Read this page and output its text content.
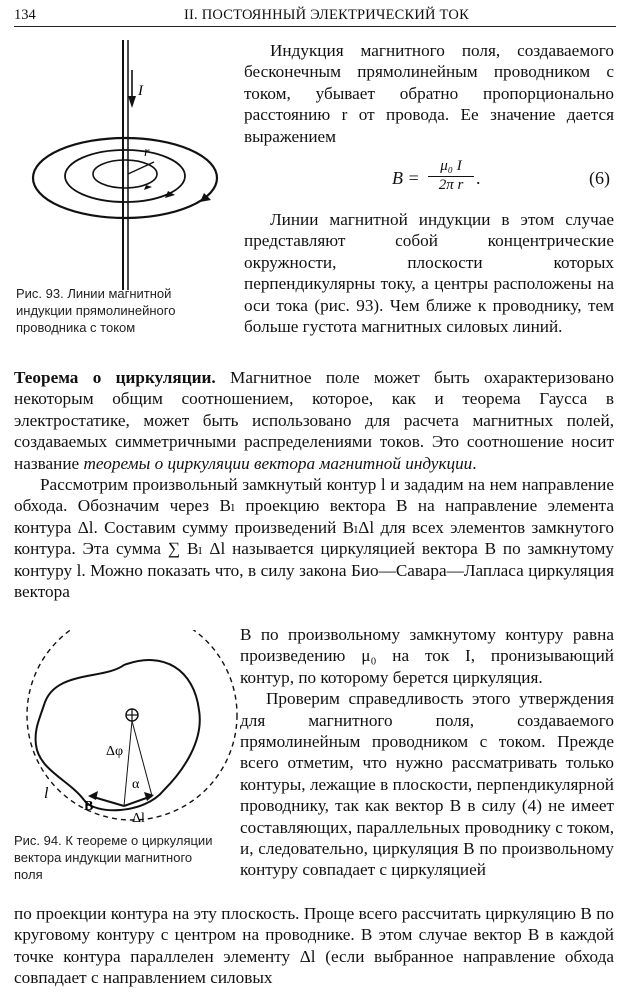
134	II. ПОСТОЯННЫЙ ЭЛЕКТРИЧЕСКИЙ ТОК
I
r
Рис. 93. Линии магнитной индукции прямолинейного проводника с током

Индукция магнитного поля, создаваемого бесконечным прямолинейным проводником с током, убывает обратно пропорционально расстоянию r от провода. Ее значение дается выражением

$B = \frac{\text{μ₀ I}}{\text{2π r}}$ .	(6)

Линии магнитной индукции в этом случае представляют собой концентрические окружности, плоскости которых перпендикулярны току, а центры расположены на оси тока (рис. 93). Чем ближе к проводнику, тем больше густота магнитных силовых линий.

Теорема о циркуляции. Магнитное поле может быть охарактеризовано некоторым общим соотношением, которое, как и теорема Гаусса в электростатике, может быть использовано для расчета магнитных полей, создаваемых симметричными распределениями токов. Это соотношение носит название теоремы о циркуляции вектора магнитной индукции.

Рассмотрим произвольный замкнутый контур l и зададим на нем направление обхода. Обозначим через Bₗ проекцию вектора B на направление элемента контура Δl. Составим сумму произведений BₗΔl для всех элементов замкнутого контура. Эта сумма ∑ Bₗ Δl называется циркуляцией вектора B по замкнутому контуру l. Можно показать что, в силу закона Био—Савара—Лапласа циркуляция вектора

Δφ
α
Δl
B
l
Рис. 94. К теореме о циркуляции вектора индукции магнитного поля

B по произвольному замкнутому контуру равна произведению μ₀ на ток I, пронизывающий контур, по которому берется циркуляция.

Проверим справедливость этого утверждения для магнитного поля, создаваемого прямолинейным проводником с током. Прежде всего отметим, что нужно рассматривать только контуры, лежащие в плоскости, перпендикулярной проводнику, так как вектор B в силу (4) не имеет составляющих, параллельных проводнику с током, и, следовательно, циркуляция B по произвольному контуру совпадает с циркуляцией

по проекции контура на эту плоскость. Проще всего рассчитать циркуляцию B по круговому контуру с центром на проводнике. В этом случае вектор B в каждой точке контура параллелен элементу Δl (если выбранное направление обхода совпадает с направлением силовых
